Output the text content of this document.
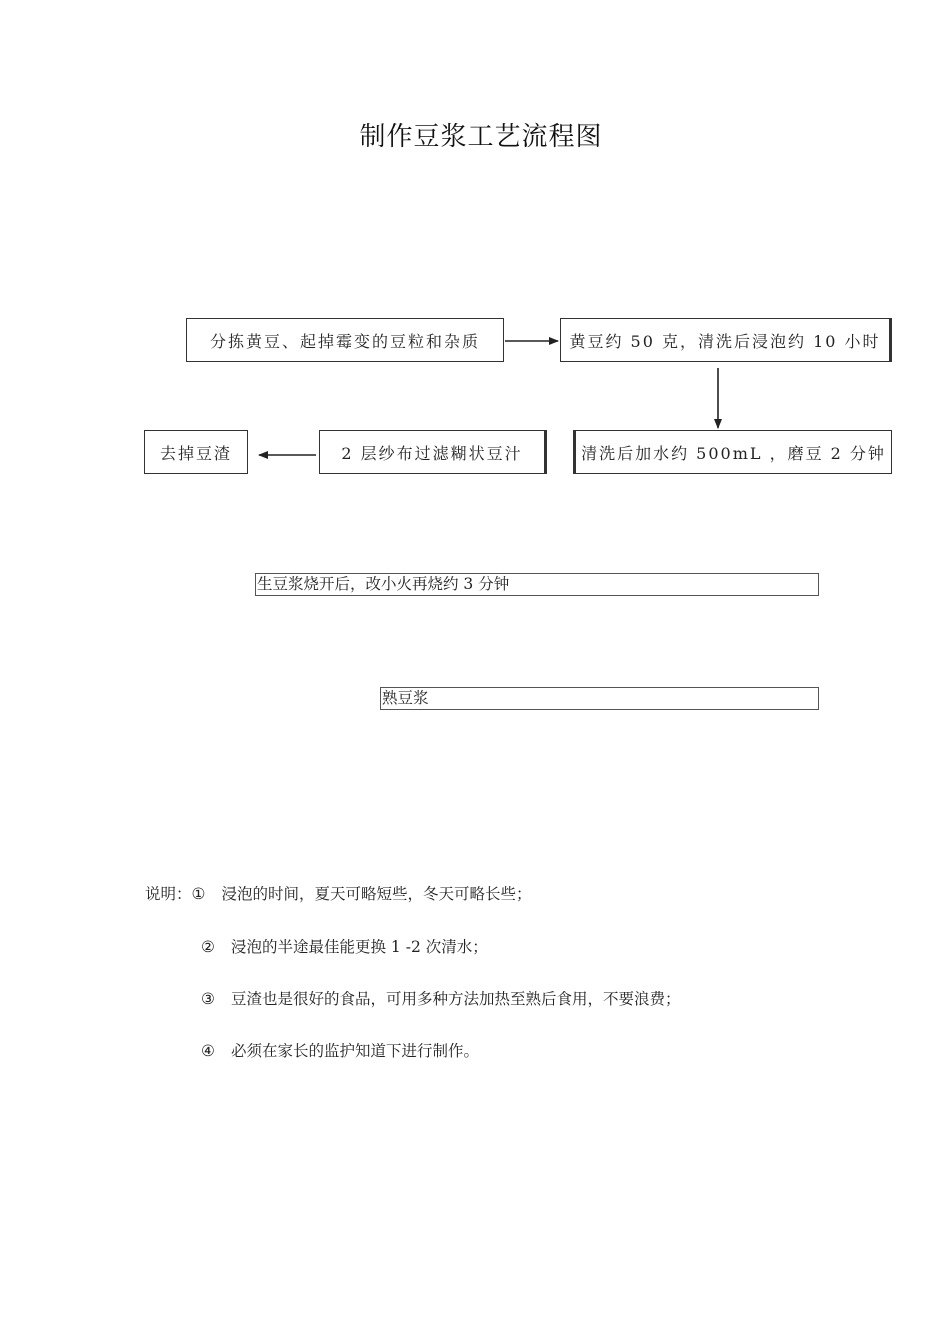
制作豆浆工艺流程图
分拣黄豆、起掉霉变的豆粒和杂质	黄豆约 50 克，清洗后浸泡约 10 小时
清洗后加水约 500mL ，磨豆 2 分钟
2 层纱布过滤糊状豆汁
去掉豆渣
生豆浆烧开后，改小火再烧约 3 分钟
熟豆浆
说明：① 浸泡的时间，夏天可略短些，冬天可略长些；
② 浸泡的半途最佳能更换 1 -2 次清水；
③ 豆渣也是很好的食品，可用多种方法加热至熟后食用，不要浪费；
④ 必须在家长的监护知道下进行制作。
